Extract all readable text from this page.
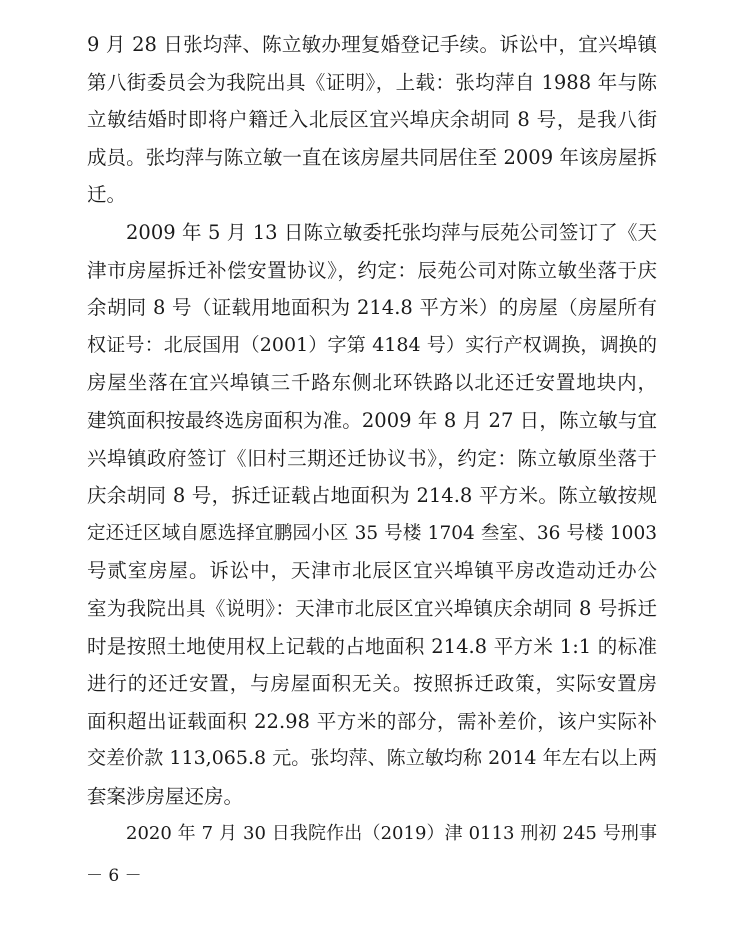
9 月 28 日张均萍、陈立敏办理复婚登记手续。诉讼中，宜兴埠镇
第八街委员会为我院出具《证明》，上载：张均萍自 1988 年与陈
立敏结婚时即将户籍迁入北辰区宜兴埠庆余胡同 8 号，是我八街
成员。张均萍与陈立敏一直在该房屋共同居住至 2009 年该房屋拆
迁。
2009 年 5 月 13 日陈立敏委托张均萍与辰苑公司签订了《天
津市房屋拆迁补偿安置协议》，约定：辰苑公司对陈立敏坐落于庆
余胡同 8 号（证载用地面积为 214.8 平方米）的房屋（房屋所有
权证号：北辰国用（2001）字第 4184 号）实行产权调换，调换的
房屋坐落在宜兴埠镇三千路东侧北环铁路以北还迁安置地块内，
建筑面积按最终选房面积为准。2009 年 8 月 27 日，陈立敏与宜
兴埠镇政府签订《旧村三期还迁协议书》，约定：陈立敏原坐落于
庆余胡同 8 号，拆迁证载占地面积为 214.8 平方米。陈立敏按规
定还迁区域自愿选择宜鹏园小区 35 号楼 1704 叁室、36 号楼 1003
号贰室房屋。诉讼中，天津市北辰区宜兴埠镇平房改造动迁办公
室为我院出具《说明》：天津市北辰区宜兴埠镇庆余胡同 8 号拆迁
时是按照土地使用权上记载的占地面积 214.8 平方米 1:1 的标准
进行的还迁安置，与房屋面积无关。按照拆迁政策，实际安置房
面积超出证载面积 22.98 平方米的部分，需补差价，该户实际补
交差价款 113,065.8 元。张均萍、陈立敏均称 2014 年左右以上两
套案涉房屋还房。
2020 年 7 月 30 日我院作出（2019）津 0113 刑初 245 号刑事
－ 6 －
